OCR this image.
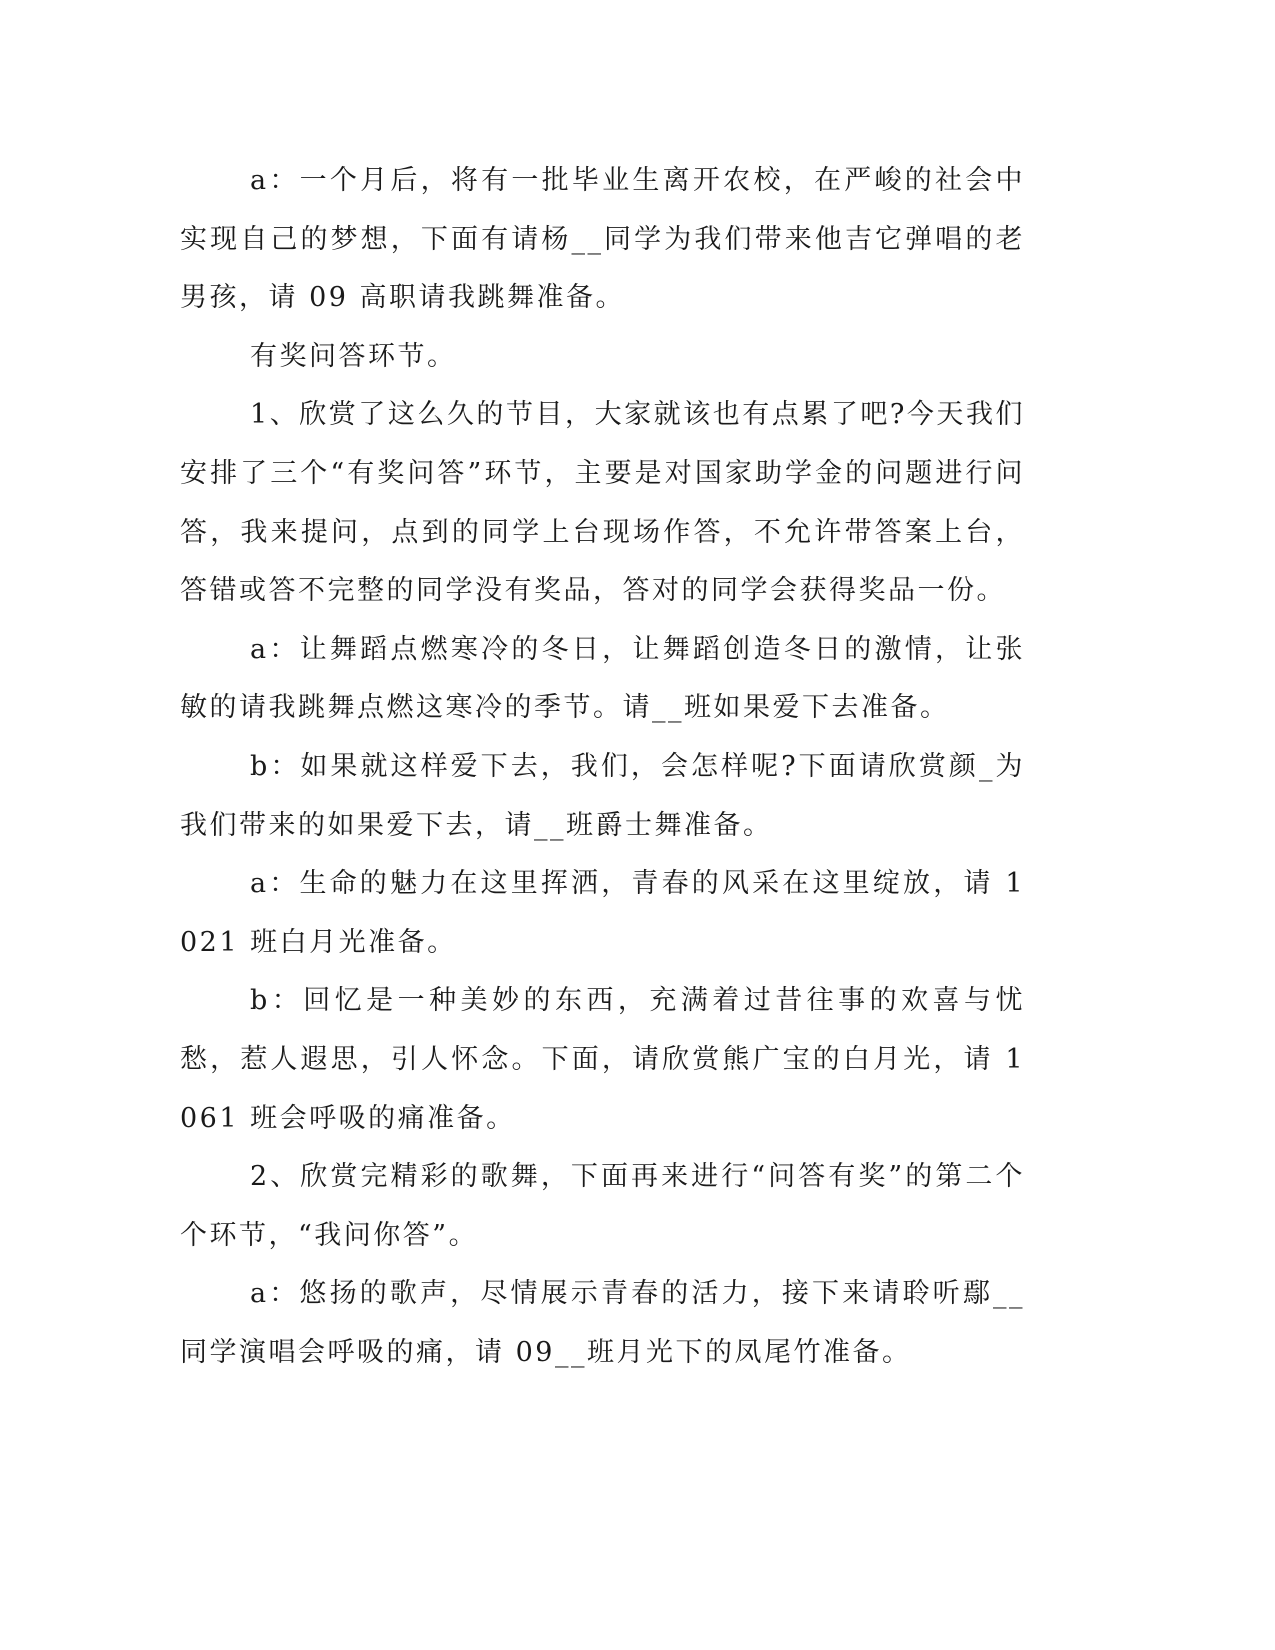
a：一个月后，将有一批毕业生离开农校，在严峻的社会中实现自己的梦想，下面有请杨__同学为我们带来他吉它弹唱的老男孩，请 09 高职请我跳舞准备。

有奖问答环节。

1、欣赏了这么久的节目，大家就该也有点累了吧?今天我们安排了三个“有奖问答”环节，主要是对国家助学金的问题进行问答，我来提问，点到的同学上台现场作答，不允许带答案上台，答错或答不完整的同学没有奖品，答对的同学会获得奖品一份。

a：让舞蹈点燃寒冷的冬日，让舞蹈创造冬日的激情，让张敏的请我跳舞点燃这寒冷的季节。请__班如果爱下去准备。

b：如果就这样爱下去，我们，会怎样呢?下面请欣赏颜_为我们带来的如果爱下去，请__班爵士舞准备。

a：生命的魅力在这里挥洒，青春的风采在这里绽放，请 1021 班白月光准备。

b：回忆是一种美妙的东西，充满着过昔往事的欢喜与忧愁，惹人遐思，引人怀念。下面，请欣赏熊广宝的白月光，请 1061 班会呼吸的痛准备。

2、欣赏完精彩的歌舞，下面再来进行“问答有奖”的第二个个环节，“我问你答”。

a：悠扬的歌声，尽情展示青春的活力，接下来请聆听鄢__同学演唱会呼吸的痛，请 09__班月光下的凤尾竹准备。
